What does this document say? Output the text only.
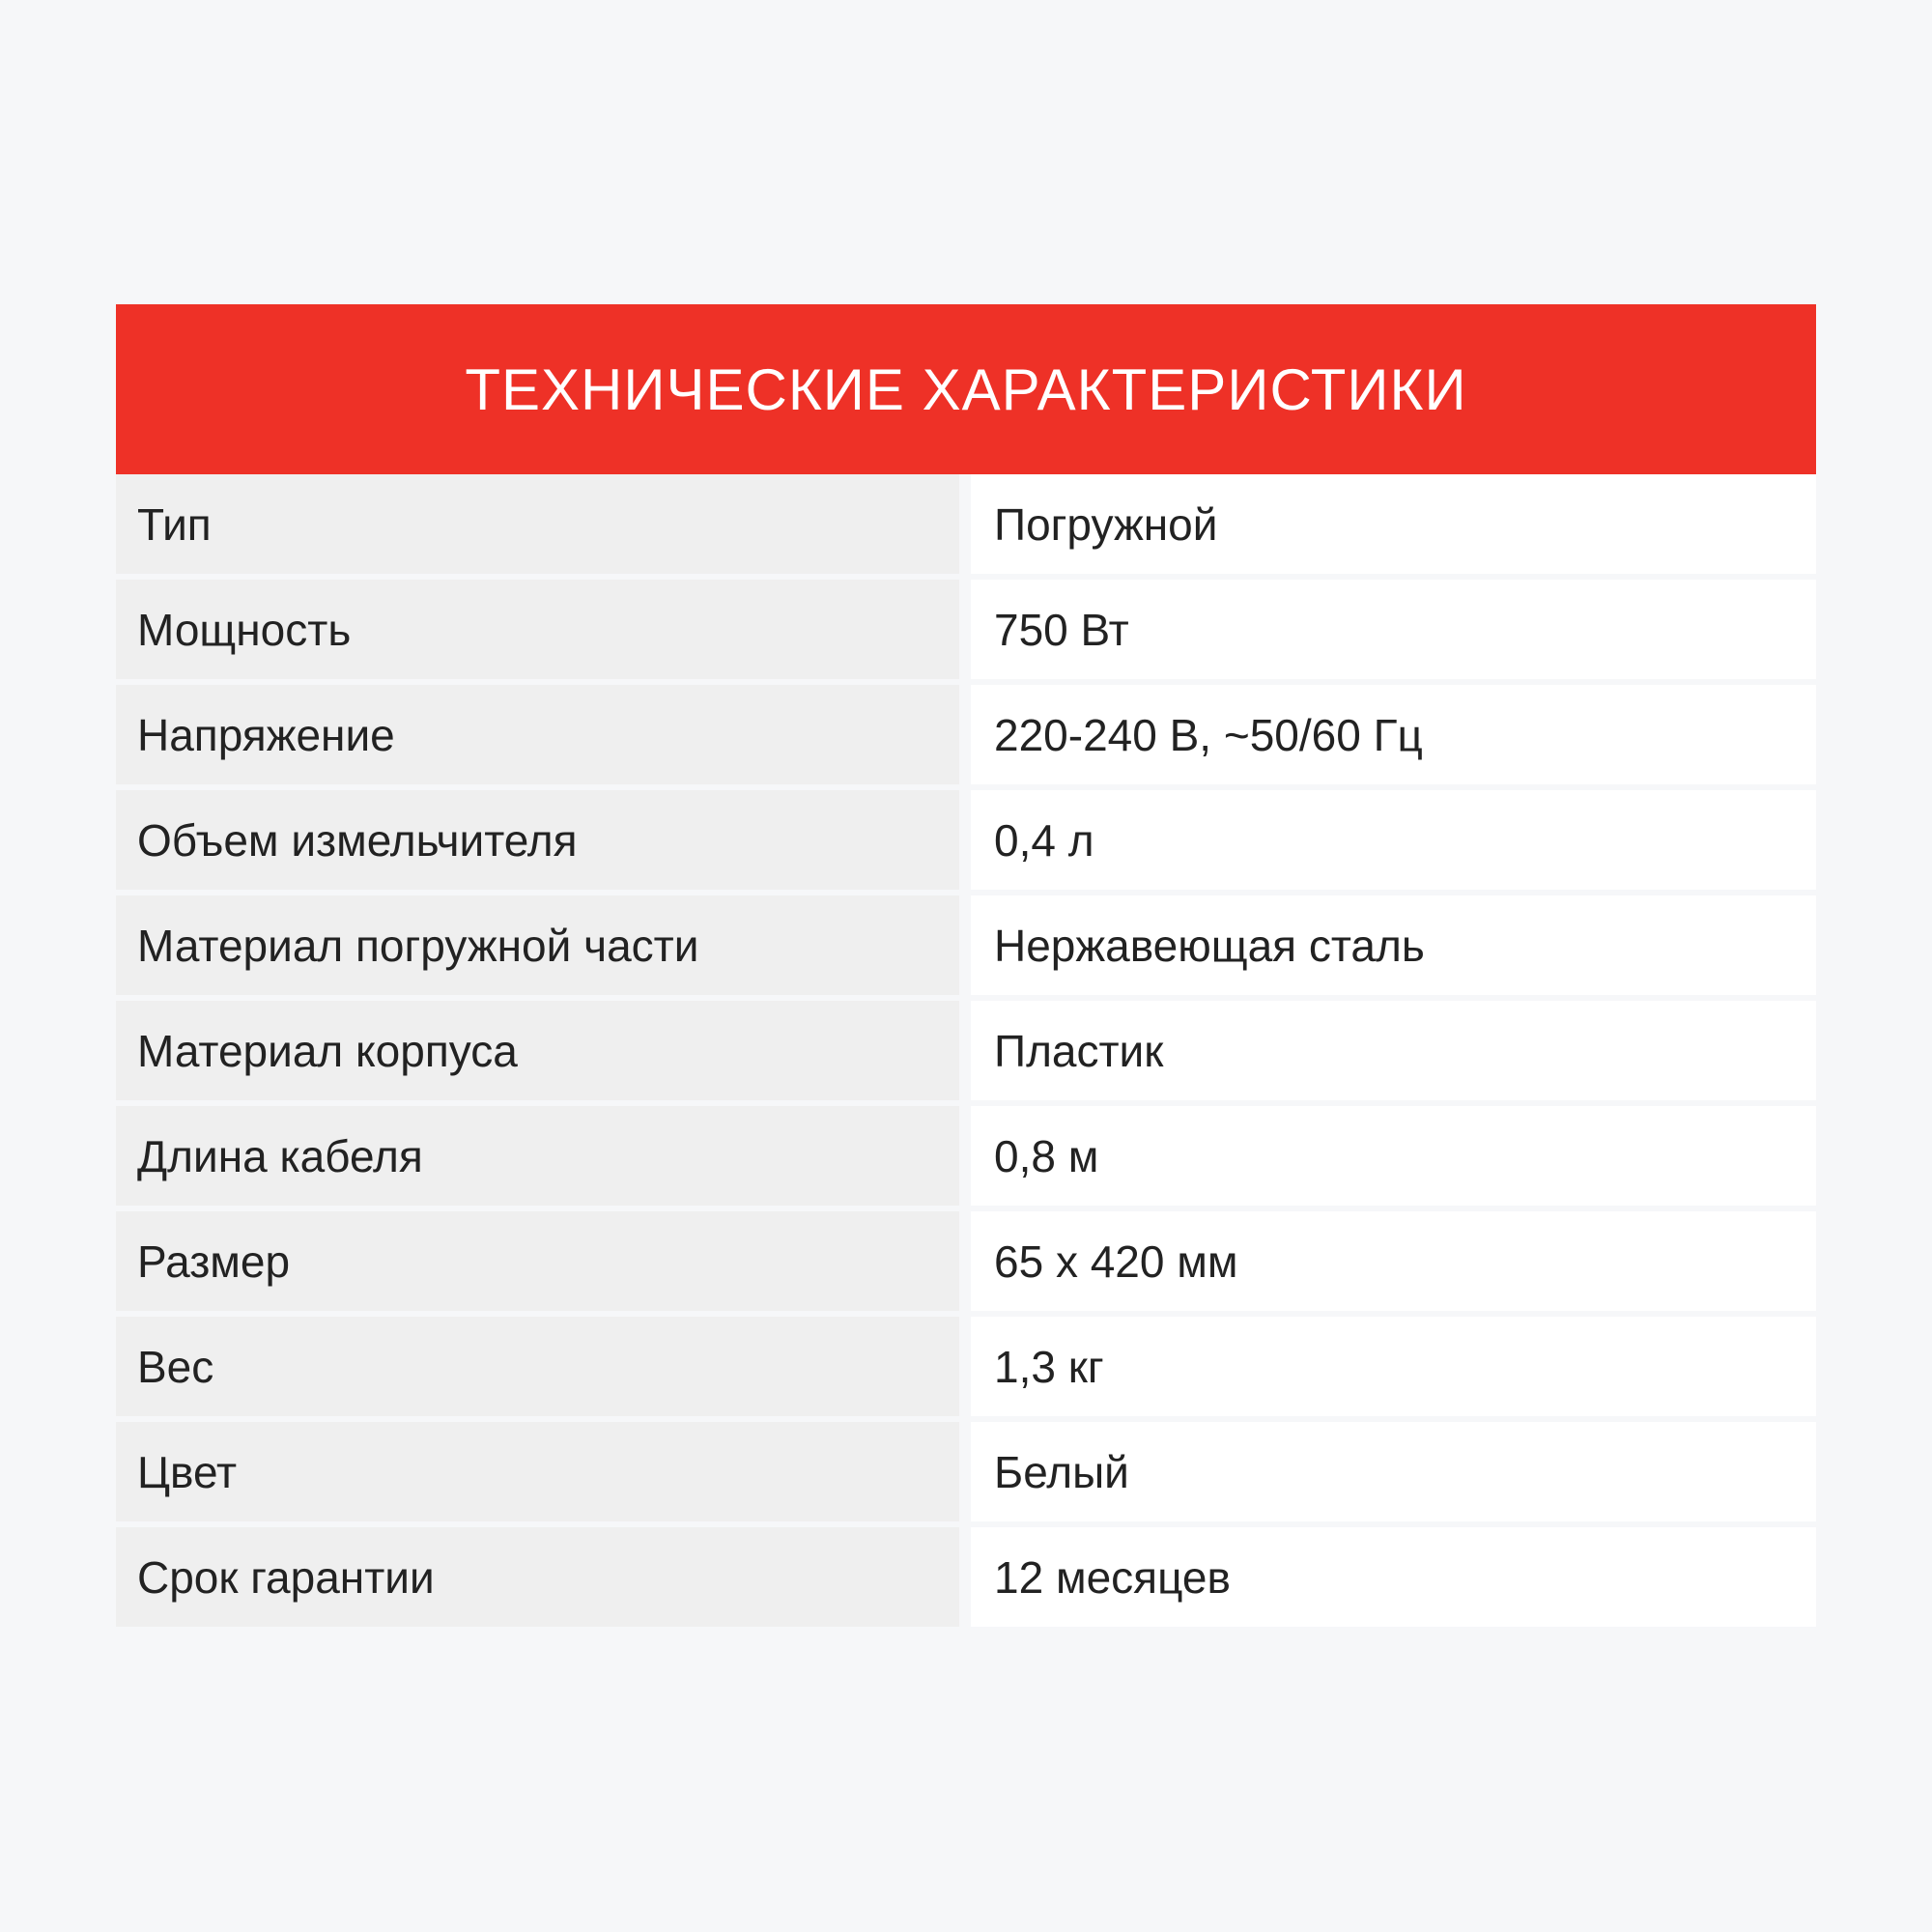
ТЕХНИЧЕСКИЕ ХАРАКТЕРИСТИКИ
Тип	Погружной
Мощность	750 Вт
Напряжение	220-240 В, ~50/60 Гц
Объем измельчителя	0,4 л
Материал погружной части	Нержавеющая сталь
Материал корпуса	Пластик
Длина кабеля	0,8 м
Размер	65 x 420 мм
Вес	1,3 кг
Цвет	Белый
Срок гарантии	12 месяцев
